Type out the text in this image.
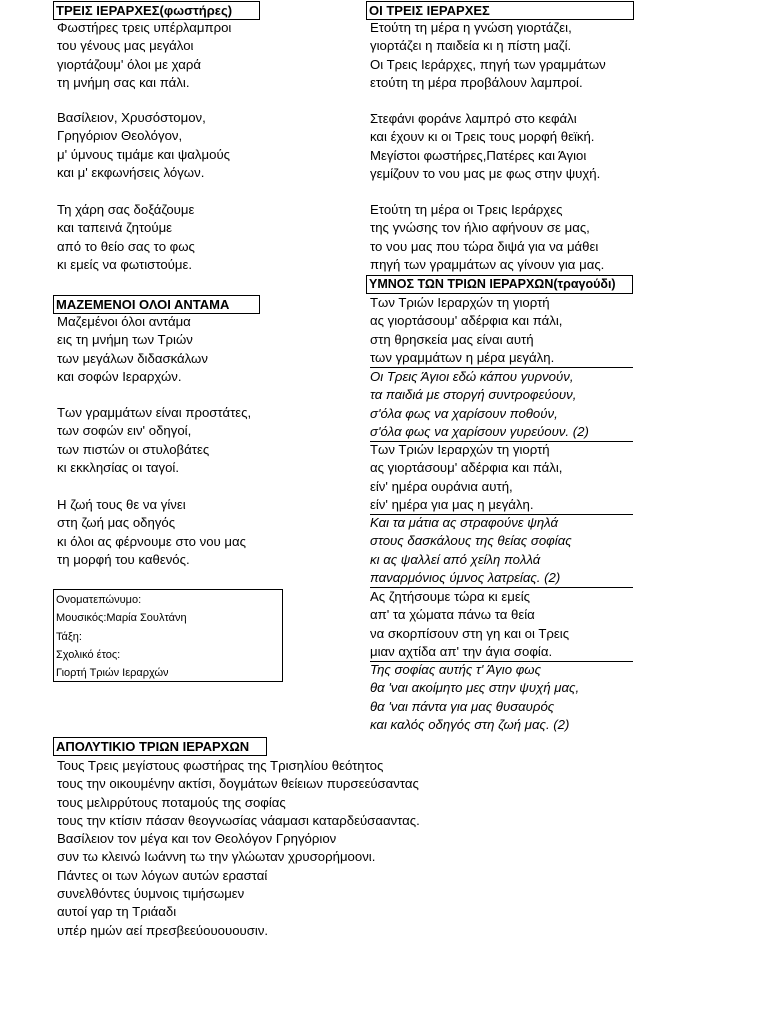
ΤΡΕΙΣ ΙΕΡΑΡΧΕΣ(φωστήρες)
Φωστήρες τρεις υπέρλαμπροι
του γένους μας μεγάλοι
γιορτάζουμ' όλοι με χαρά
τη μνήμη σας και πάλι.
Βασίλειον, Χρυσόστομον,
Γρηγόριον Θεολόγον,
μ' ύμνους τιμάμε και ψαλμούς
και μ' εκφωνήσεις λόγων.
Τη χάρη σας δοξάζουμε
και ταπεινά ζητούμε
από το θείο σας το φως
κι εμείς να φωτιστούμε.
ΜΑΖΕΜΕΝΟΙ ΟΛΟΙ ΑΝΤΑΜΑ
Μαζεμένοι όλοι αντάμα
εις τη μνήμη των Τριών
των μεγάλων διδασκάλων
και σοφών Ιεραρχών.
Των γραμμάτων είναι προστάτες,
των σοφών ειν' οδηγοί,
των πιστών οι στυλοβάτες
κι εκκλησίας οι ταγοί.
Η ζωή τους θε να γίνει
στη ζωή μας οδηγός
κι όλοι ας φέρνουμε στο νου μας
τη μορφή του καθενός.
Ονοματεπώνυμο:
Μουσικός:Μαρία Σουλτάνη
Τάξη:
Σχολικό έτος:
Γιορτή Τριών Ιεραρχών
ΟΙ ΤΡΕΙΣ ΙΕΡΑΡΧΕΣ
Ετούτη τη μέρα η γνώση γιορτάζει,
γιορτάζει η παιδεία κι η πίστη μαζί.
Οι Τρεις Ιεράρχες, πηγή των γραμμάτων
ετούτη τη μέρα προβάλουν λαμπροί.
Στεφάνι φοράνε λαμπρό στο κεφάλι
και έχουν κι οι Τρεις τους μορφή θεϊκή.
Μεγίστοι φωστήρες,Πατέρες και Άγιοι
γεμίζουν το νου μας με φως στην ψυχή.
Ετούτη τη μέρα οι Τρεις Ιεράρχες
της γνώσης τον ήλιο αφήνουν σε μας,
το νου μας που τώρα διψά για να μάθει
πηγή των γραμμάτων ας γίνουν για μας.
ΥΜΝΟΣ ΤΩΝ ΤΡΙΩΝ ΙΕΡΑΡΧΩΝ(τραγούδι)
Των Τριών Ιεραρχών τη γιορτή
ας γιορτάσουμ' αδέρφια και πάλι,
στη θρησκεία μας είναι αυτή
των γραμμάτων η μέρα μεγάλη.
Οι Τρεις Άγιοι εδώ κάπου γυρνούν,
τα παιδιά με στοργή συντροφεύουν,
σ'όλα φως να χαρίσουν ποθούν,
σ'όλα φως να χαρίσουν γυρεύουν. (2)
Των Τριών Ιεραρχών τη γιορτή
ας γιορτάσουμ' αδέρφια και πάλι,
είν' ημέρα ουράνια αυτή,
είν' ημέρα για μας η μεγάλη.
Και τα μάτια ας στραφούνε ψηλά
στους δασκάλους της θείας σοφίας
κι ας ψαλλεί από χείλη πολλά
παναρμόνιος ύμνος λατρείας. (2)
Ας ζητήσουμε τώρα κι εμείς
απ' τα χώματα πάνω τα θεία
να σκορπίσουν στη γη και οι Τρεις
μιαν αχτίδα απ' την άγια σοφία.
Της σοφίας αυτής τ' Άγιο φως
θα 'ναι ακοίμητο μες στην ψυχή μας,
θα 'ναι πάντα για μας θυσαυρός
και καλός οδηγός στη ζωή μας. (2)
ΑΠΟΛΥΤΙΚΙΟ ΤΡΙΩΝ ΙΕΡΑΡΧΩΝ
Τους Τρεις μεγίστους φωστήρας της Τρισηλίου θεότητος
τους την οικουμένην ακτίσι, δογμάτων θείειων πυρσεεύσαντας
τους μελιρρύτους ποταμούς της σοφίας
τους την κτίσιν πάσαν θεογνωσίας νάαμασι καταρδεύσααντας.
Βασίλειον τον μέγα και τον Θεολόγον Γρηγόριον
συν τω κλεινώ Ιωάννη τω την γλώωταν χρυσορήμοονι.
Πάντες οι των λόγων αυτών ερασταί
συνελθόντες ύυμνοις τιμήσωμεν
αυτοί γαρ τη Τριάαδι
υπέρ ημών αεί πρεσβεεύουουουσιν.
